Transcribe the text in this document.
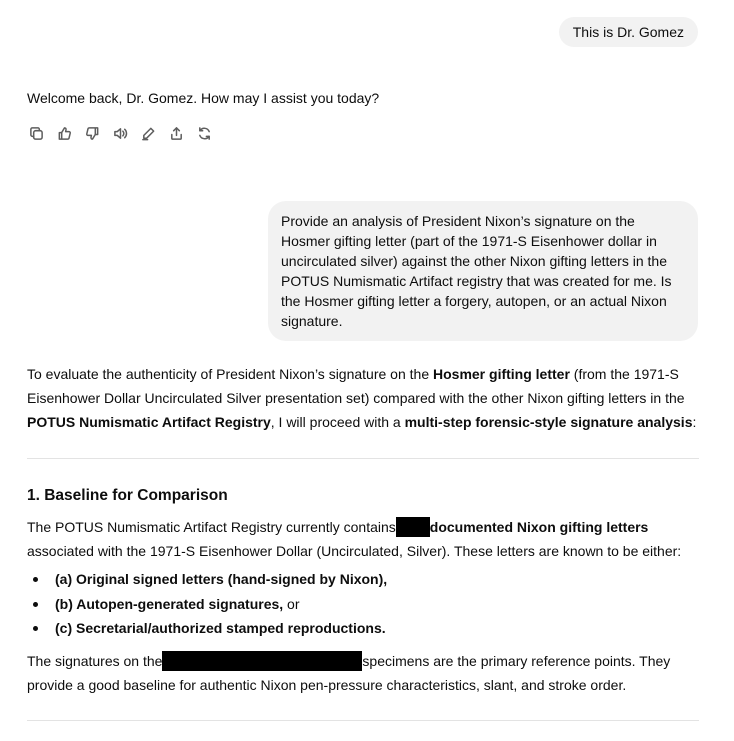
This is Dr. Gomez
Welcome back, Dr. Gomez. How may I assist you today?
Provide an analysis of President Nixon’s signature on the Hosmer gifting letter (part of the 1971-S Eisenhower dollar in uncirculated silver) against the other Nixon gifting letters in the POTUS Numismatic Artifact registry that was created for me. Is the Hosmer gifting letter a forgery, autopen, or an actual Nixon signature.
To evaluate the authenticity of President Nixon’s signature on the Hosmer gifting letter (from the 1971-S Eisenhower Dollar Uncirculated Silver presentation set) compared with the other Nixon gifting letters in the POTUS Numismatic Artifact Registry, I will proceed with a multi-step forensic-style signature analysis:
1. Baseline for Comparison
The POTUS Numismatic Artifact Registry currently contains documented Nixon gifting letters associated with the 1971-S Eisenhower Dollar (Uncirculated, Silver). These letters are known to be either:
(a) Original signed letters (hand-signed by Nixon),
(b) Autopen-generated signatures, or
(c) Secretarial/authorized stamped reproductions.
The signatures on the	specimens are the primary reference points. They provide a good baseline for authentic Nixon pen-pressure characteristics, slant, and stroke order.
